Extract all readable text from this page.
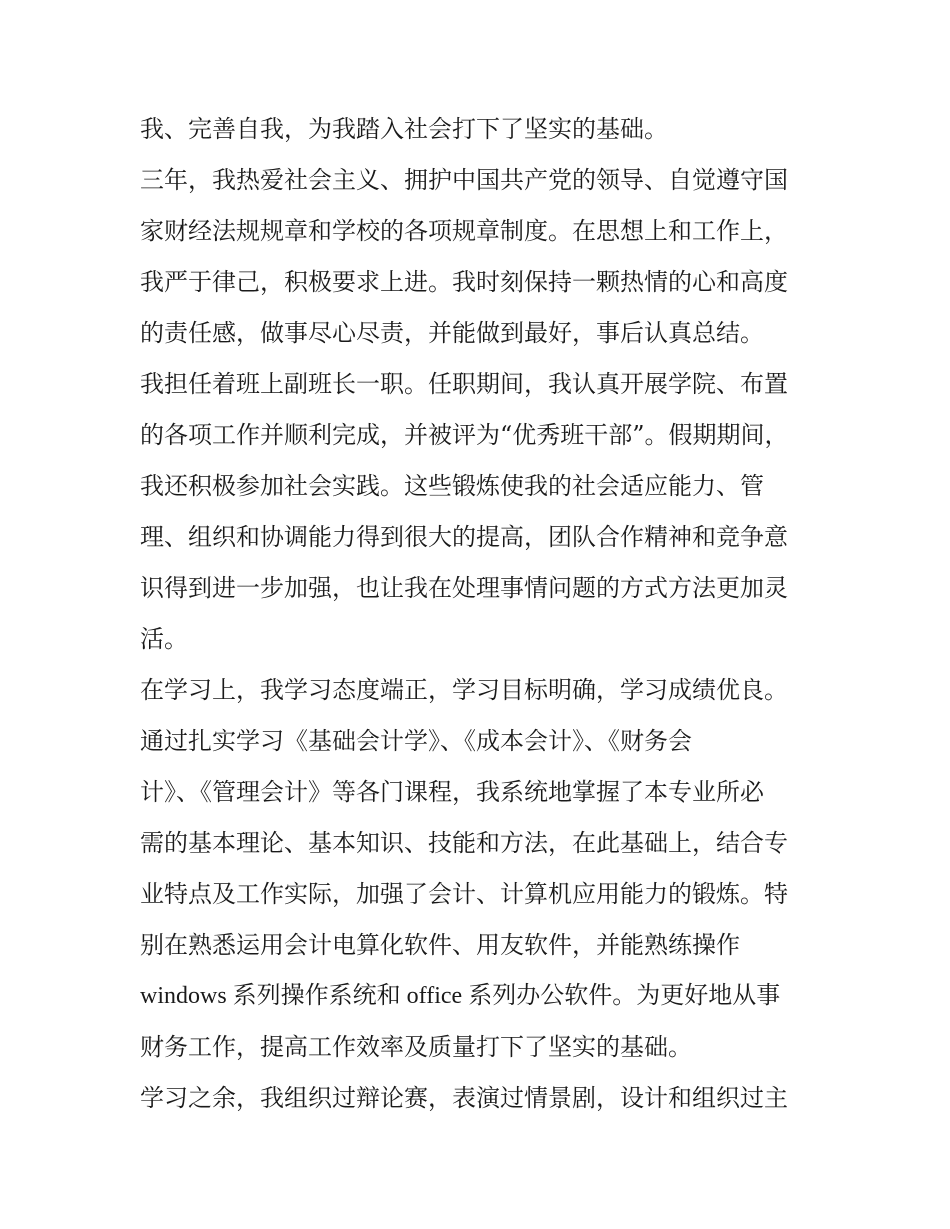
我、完善自我，为我踏入社会打下了坚实的基础。
三年，我热爱社会主义、拥护中国共产党的领导、自觉遵守国
家财经法规规章和学校的各项规章制度。在思想上和工作上，
我严于律己，积极要求上进。我时刻保持一颗热情的心和高度
的责任感，做事尽心尽责，并能做到最好，事后认真总结。
我担任着班上副班长一职。任职期间，我认真开展学院、布置
的各项工作并顺利完成，并被评为“优秀班干部”。假期期间，
我还积极参加社会实践。这些锻炼使我的社会适应能力、管
理、组织和协调能力得到很大的提高，团队合作精神和竞争意
识得到进一步加强，也让我在处理事情问题的方式方法更加灵
活。
在学习上，我学习态度端正，学习目标明确，学习成绩优良。
通过扎实学习《基础会计学》、《成本会计》、《财务会
计》、《管理会计》等各门课程，我系统地掌握了本专业所必
需的基本理论、基本知识、技能和方法，在此基础上，结合专
业特点及工作实际，加强了会计、计算机应用能力的锻炼。特
别在熟悉运用会计电算化软件、用友软件，并能熟练操作
windows 系列操作系统和 office 系列办公软件。为更好地从事
财务工作，提高工作效率及质量打下了坚实的基础。
学习之余，我组织过辩论赛，表演过情景剧，设计和组织过主
